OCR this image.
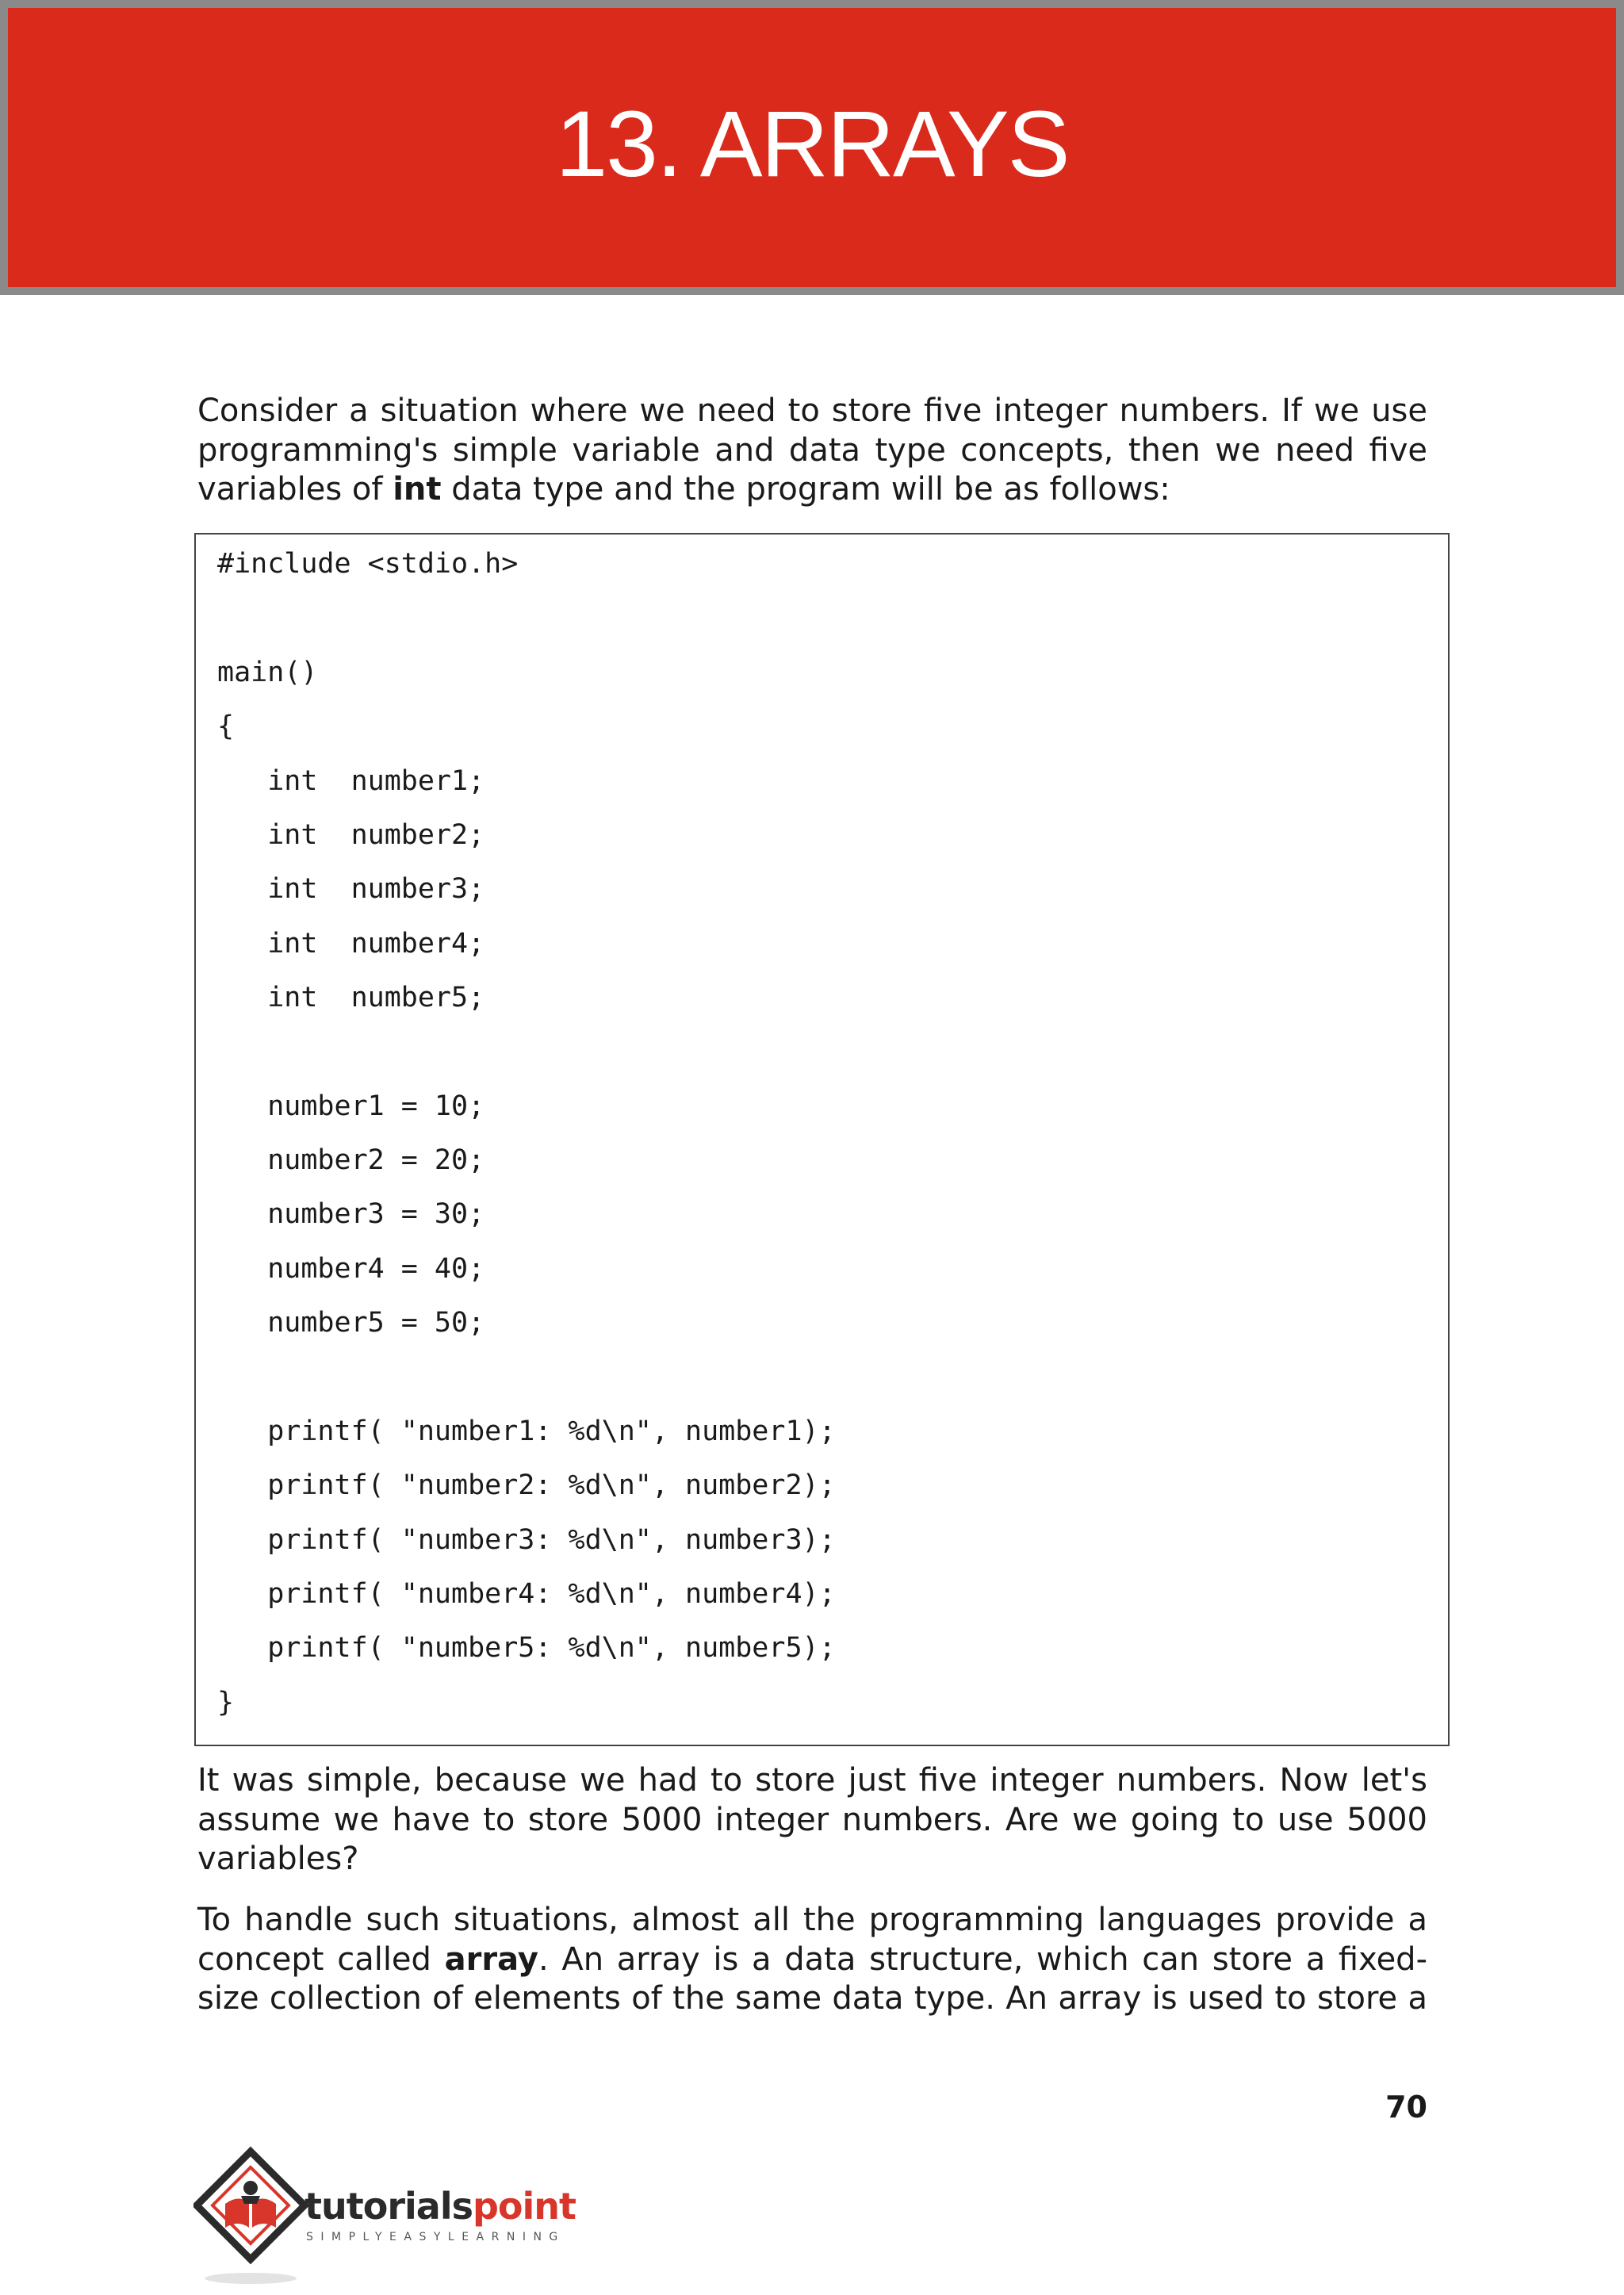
13. ARRAYS

Consider a situation where we need to store five integer numbers. If we use programming's simple variable and data type concepts, then we need five variables of int data type and the program will be as follows:

#include <stdio.h>
main()
{
int  number1;
int  number2;
int  number3;
int  number4;
int  number5;
number1 = 10;
number2 = 20;
number3 = 30;
number4 = 40;
number5 = 50;
printf( "number1: %d\n", number1);
printf( "number2: %d\n", number2);
printf( "number3: %d\n", number3);
printf( "number4: %d\n", number4);
printf( "number5: %d\n", number5);
}

It was simple, because we had to store just five integer numbers. Now let's assume we have to store 5000 integer numbers. Are we going to use 5000 variables?

To handle such situations, almost all the programming languages provide a concept called array. An array is a data structure, which can store a fixed-size collection of elements of the same data type. An array is used to store a

70
tutorialspoint
SIMPLYEASYLEARNING
